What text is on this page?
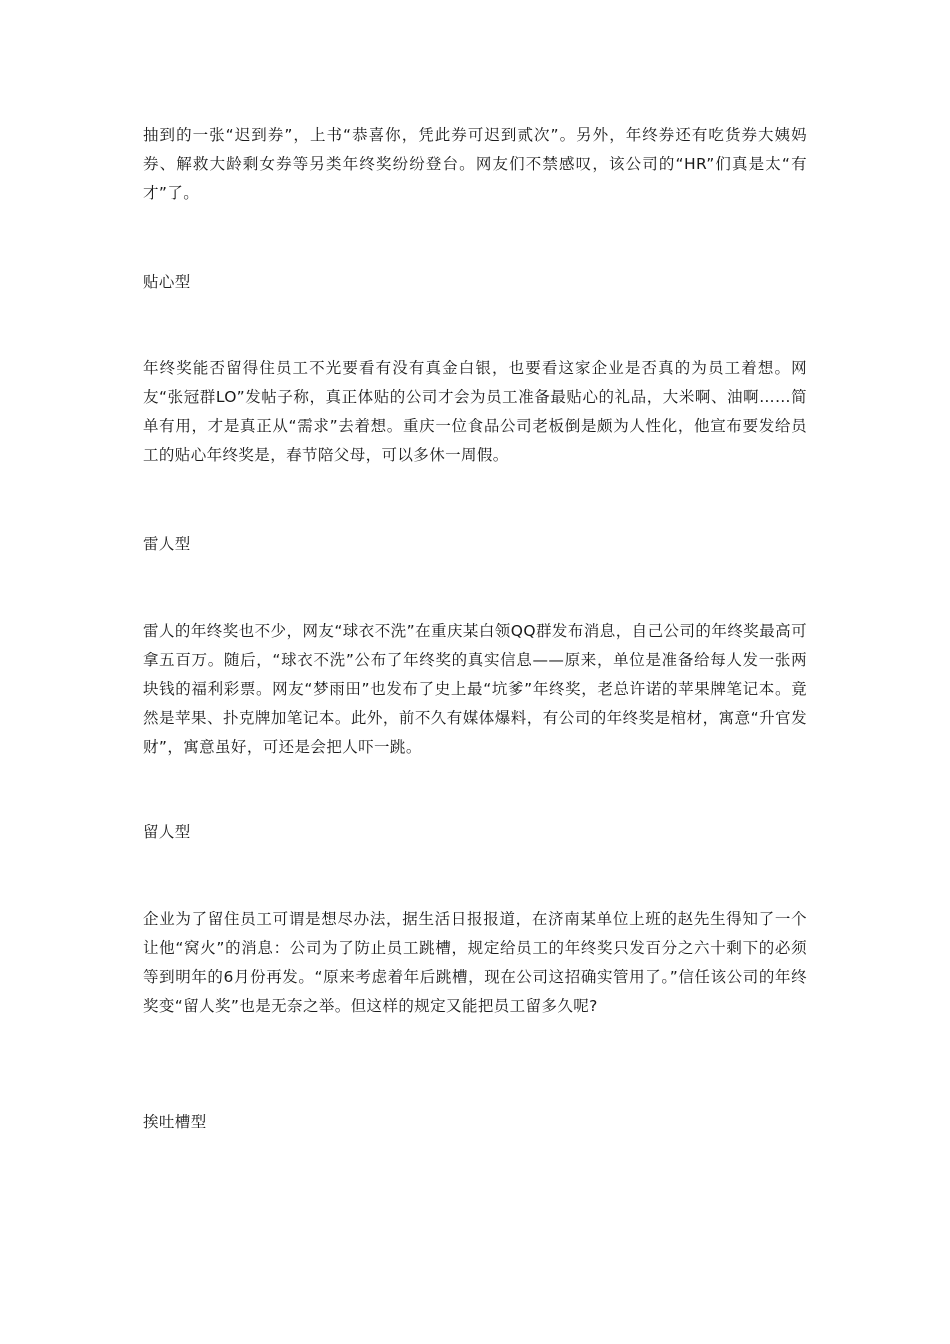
抽到的一张“迟到券”，上书“恭喜你，凭此券可迟到贰次”。另外，年终券还有吃货券大姨妈券、解救大龄剩女券等另类年终奖纷纷登台。网友们不禁感叹，该公司的“HR”们真是太“有才”了。

贴心型

年终奖能否留得住员工不光要看有没有真金白银，也要看这家企业是否真的为员工着想。网友“张冠群LO”发帖子称，真正体贴的公司才会为员工准备最贴心的礼品，大米啊、油啊……简单有用，才是真正从“需求”去着想。重庆一位食品公司老板倒是颇为人性化，他宣布要发给员工的贴心年终奖是，春节陪父母，可以多休一周假。

雷人型

雷人的年终奖也不少，网友“球衣不洗”在重庆某白领QQ群发布消息，自己公司的年终奖最高可拿五百万。随后，“球衣不洗”公布了年终奖的真实信息——原来，单位是准备给每人发一张两块钱的福利彩票。网友“梦雨田”也发布了史上最“坑爹”年终奖，老总许诺的苹果牌笔记本。竟然是苹果、扑克牌加笔记本。此外，前不久有媒体爆料，有公司的年终奖是棺材，寓意“升官发财”，寓意虽好，可还是会把人吓一跳。

留人型

企业为了留住员工可谓是想尽办法，据生活日报报道，在济南某单位上班的赵先生得知了一个让他“窝火”的消息：公司为了防止员工跳槽，规定给员工的年终奖只发百分之六十剩下的必须等到明年的6月份再发。“原来考虑着年后跳槽，现在公司这招确实管用了。”信任该公司的年终奖变“留人奖”也是无奈之举。但这样的规定又能把员工留多久呢?

挨吐槽型
